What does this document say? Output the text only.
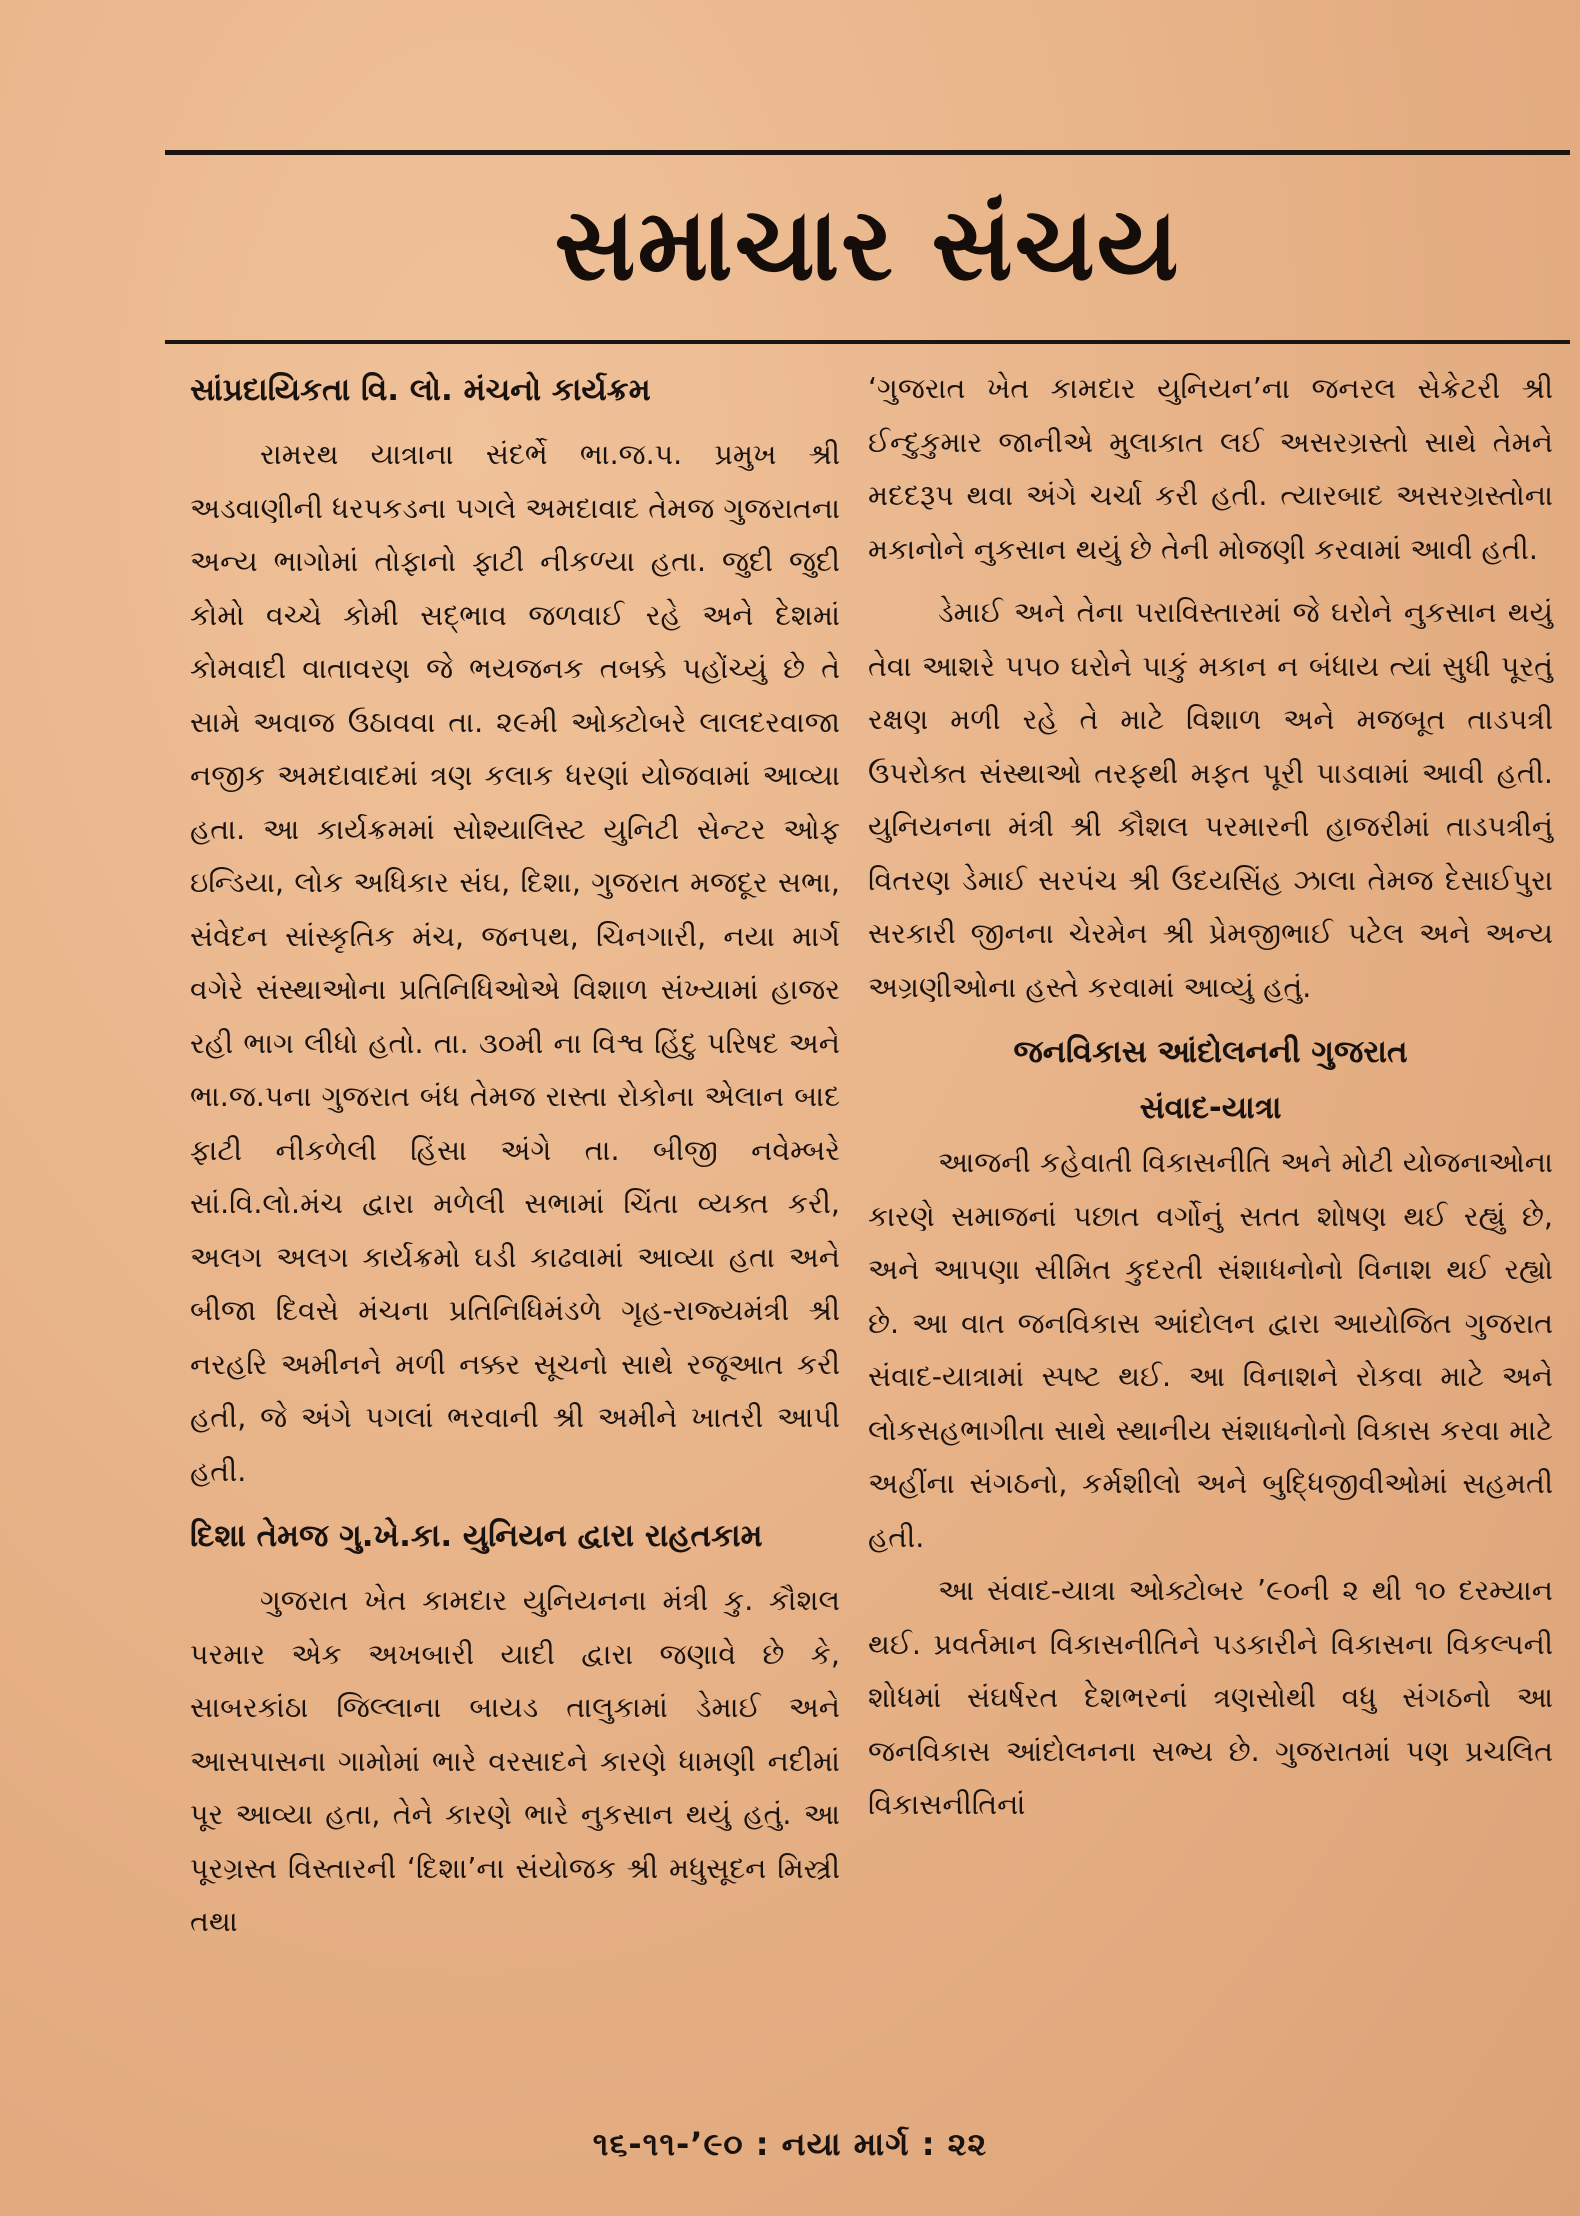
સમાચાર સંચય
સાંપ્રદાયિકતા વિ. લો. મંચનો કાર્યક્રમ

રામરથ યાત્રાના સંદર્ભે ભા.જ.પ. પ્રમુખ શ્રી અડવાણીની ધરપકડના પગલે અમદાવાદ તેમજ ગુજરાતના અન્ય ભાગોમાં તોફાનો ફાટી નીકળ્યા હતા. જુદી જુદી કોમો વચ્ચે કોમી સદ્ભાવ જળવાઈ રહે અને દેશમાં કોમવાદી વાતાવરણ જે ભયજનક તબક્કે પહોંચ્યું છે તે સામે અવાજ ઉઠાવવા તા. ૨૯મી ઓક્ટોબરે લાલદરવાજા નજીક અમદાવાદમાં ત્રણ કલાક ધરણાં યોજવામાં આવ્યા હતા. આ કાર્યક્રમમાં સોશ્યાલિસ્ટ યુનિટી સેન્ટર ઓફ ઇન્ડિયા, લોક અધિકાર સંઘ, દિશા, ગુજરાત મજદૂર સભા, સંવેદન સાંસ્કૃતિક મંચ, જનપથ, ચિનગારી, નયા માર્ગ વગેરે સંસ્થાઓના પ્રતિનિધિઓએ વિશાળ સંખ્યામાં હાજર રહી ભાગ લીધો હતો. તા. ૩૦મી ના વિશ્વ હિંદુ પરિષદ અને ભા.જ.પના ગુજરાત બંધ તેમજ રાસ્તા રોકોના એલાન બાદ ફાટી નીકળેલી હિંસા અંગે તા. બીજી નવેમ્બરે સાં.વિ.લો.મંચ દ્વારા મળેલી સભામાં ચિંતા વ્યક્ત કરી, અલગ અલગ કાર્યક્રમો ઘડી કાઢવામાં આવ્યા હતા અને બીજા દિવસે મંચના પ્રતિનિધિમંડળે ગૃહ-રાજ્યમંત્રી શ્રી નરહરિ અમીનને મળી નક્કર સૂચનો સાથે રજૂઆત કરી હતી, જે અંગે પગલાં ભરવાની શ્રી અમીને ખાતરી આપી હતી.

દિશા તેમજ ગુ.ખે.કા. યુનિયન દ્વારા રાહતકામ

ગુજરાત ખેત કામદાર યુનિયનના મંત્રી કુ. કૌશલ પરમાર એક અખબારી યાદી દ્વારા જણાવે છે કે, સાબરકાંઠા જિલ્લાના બાયડ તાલુકામાં ડેમાઈ અને આસપાસના ગામોમાં ભારે વરસાદને કારણે ધામણી નદીમાં પૂર આવ્યા હતા, તેને કારણે ભારે નુકસાન થયું હતું. આ પૂરગ્રસ્ત વિસ્તારની ‘દિશા’ના સંયોજક શ્રી મધુસૂદન મિસ્ત્રી તથા

‘ગુજરાત ખેત કામદાર યુનિયન’ના જનરલ સેક્રેટરી શ્રી ઈન્દુકુમાર જાનીએ મુલાકાત લઈ અસરગ્રસ્તો સાથે તેમને મદદરૂપ થવા અંગે ચર્ચા કરી હતી. ત્યારબાદ અસરગ્રસ્તોના મકાનોને નુકસાન થયું છે તેની મોજણી કરવામાં આવી હતી.

ડેમાઈ અને તેના પરાવિસ્તારમાં જે ઘરોને નુકસાન થયું તેવા આશરે ૫૫૦ ઘરોને પાકું મકાન ન બંધાય ત્યાં સુધી પૂરતું રક્ષણ મળી રહે તે માટે વિશાળ અને મજબૂત તાડપત્રી ઉપરોક્ત સંસ્થાઓ તરફથી મફત પૂરી પાડવામાં આવી હતી. યુનિયનના મંત્રી શ્રી કૌશલ પરમારની હાજરીમાં તાડપત્રીનું વિતરણ ડેમાઈ સરપંચ શ્રી ઉદયસિંહ ઝાલા તેમજ દેસાઈપુરા સરકારી જીનના ચેરમેન શ્રી પ્રેમજીભાઈ પટેલ અને અન્ય અગ્રણીઓના હસ્તે કરવામાં આવ્યું હતું.

જનવિકાસ આંદોલનની ગુજરાત
સંવાદ-યાત્રા

આજની કહેવાતી વિકાસનીતિ અને મોટી યોજનાઓના કારણે સમાજનાં પછાત વર્ગોનું સતત શોષણ થઈ રહ્યું છે, અને આપણા સીમિત કુદરતી સંશાધનોનો વિનાશ થઈ રહ્યો છે. આ વાત જનવિકાસ આંદોલન દ્વારા આયોજિત ગુજરાત સંવાદ-યાત્રામાં સ્પષ્ટ થઈ. આ વિનાશને રોકવા માટે અને લોકસહભાગીતા સાથે સ્થાનીય સંશાધનોનો વિકાસ કરવા માટે અહીંના સંગઠનો, કર્મશીલો અને બુદ્ધિજીવીઓમાં સહમતી હતી.

આ સંવાદ-યાત્રા ઓક્ટોબર ’૯૦ની ૨ થી ૧૦ દરમ્યાન થઈ. પ્રવર્તમાન વિકાસનીતિને પડકારીને વિકાસના વિકલ્પની શોધમાં સંઘર્ષરત દેશભરનાં ત્રણસોથી વધુ સંગઠનો આ જનવિકાસ આંદોલનના સભ્ય છે. ગુજરાતમાં પણ પ્રચલિત વિકાસનીતિનાં

૧૬-૧૧-’૯૦ : નયા માર્ગ : ૨૨
